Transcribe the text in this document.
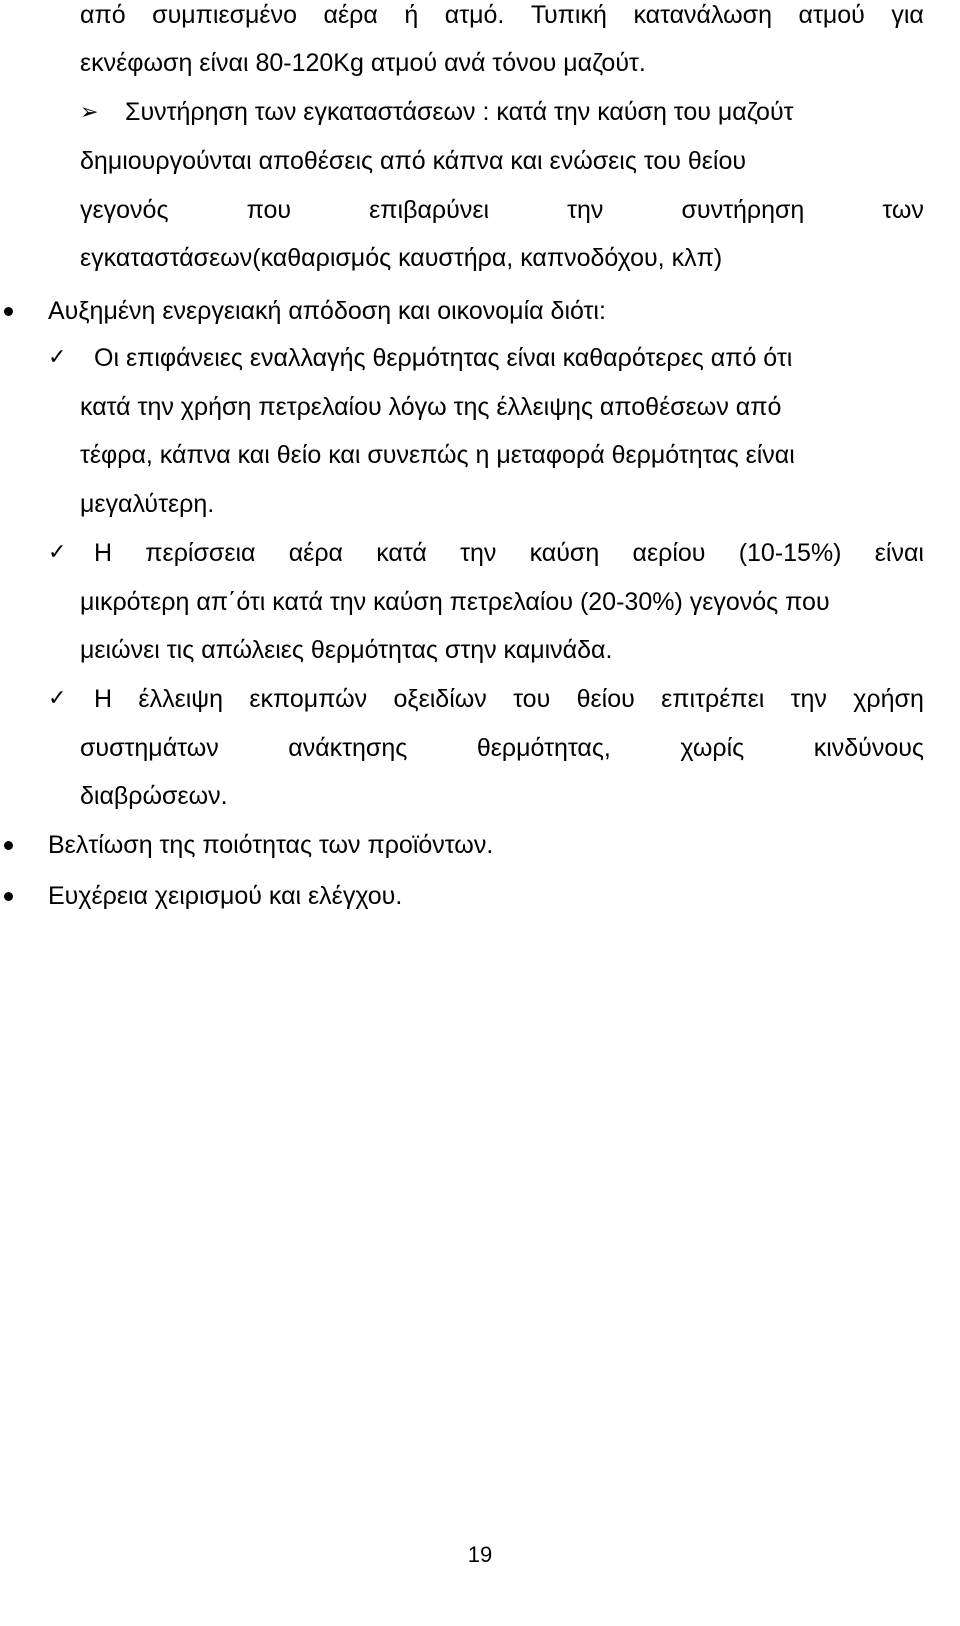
από συμπιεσμένο αέρα ή ατμό. Τυπική κατανάλωση ατμού για
εκνέφωση είναι 80-120Kg ατμού ανά τόνου μαζούτ.
➢ Συντήρηση των εγκαταστάσεων : κατά την καύση του μαζούτ
δημιουργούνται αποθέσεις από κάπνα και ενώσεις του θείου
γεγονός	που	επιβαρύνει	την	συντήρηση	των
εγκαταστάσεων(καθαρισμός καυστήρα, καπνοδόχου, κλπ)
Αυξημένη ενεργειακή απόδοση και οικονομία διότι:
✓ Οι επιφάνειες εναλλαγής θερμότητας είναι καθαρότερες από ότι
κατά την χρήση πετρελαίου λόγω της έλλειψης αποθέσεων από
τέφρα, κάπνα και θείο και συνεπώς η μεταφορά θερμότητας είναι
μεγαλύτερη.
✓ Η περίσσεια αέρα κατά την καύση αερίου (10-15%) είναι
μικρότερη απ΄ότι κατά την καύση πετρελαίου (20-30%) γεγονός που
μειώνει τις απώλειες θερμότητας στην καμινάδα.
✓ Η έλλειψη εκπομπών οξειδίων του θείου επιτρέπει την χρήση
συστημάτων	ανάκτησης	θερμότητας,	χωρίς	κινδύνους
διαβρώσεων.
Βελτίωση της ποιότητας των προϊόντων.
Ευχέρεια χειρισμού και ελέγχου.
19
